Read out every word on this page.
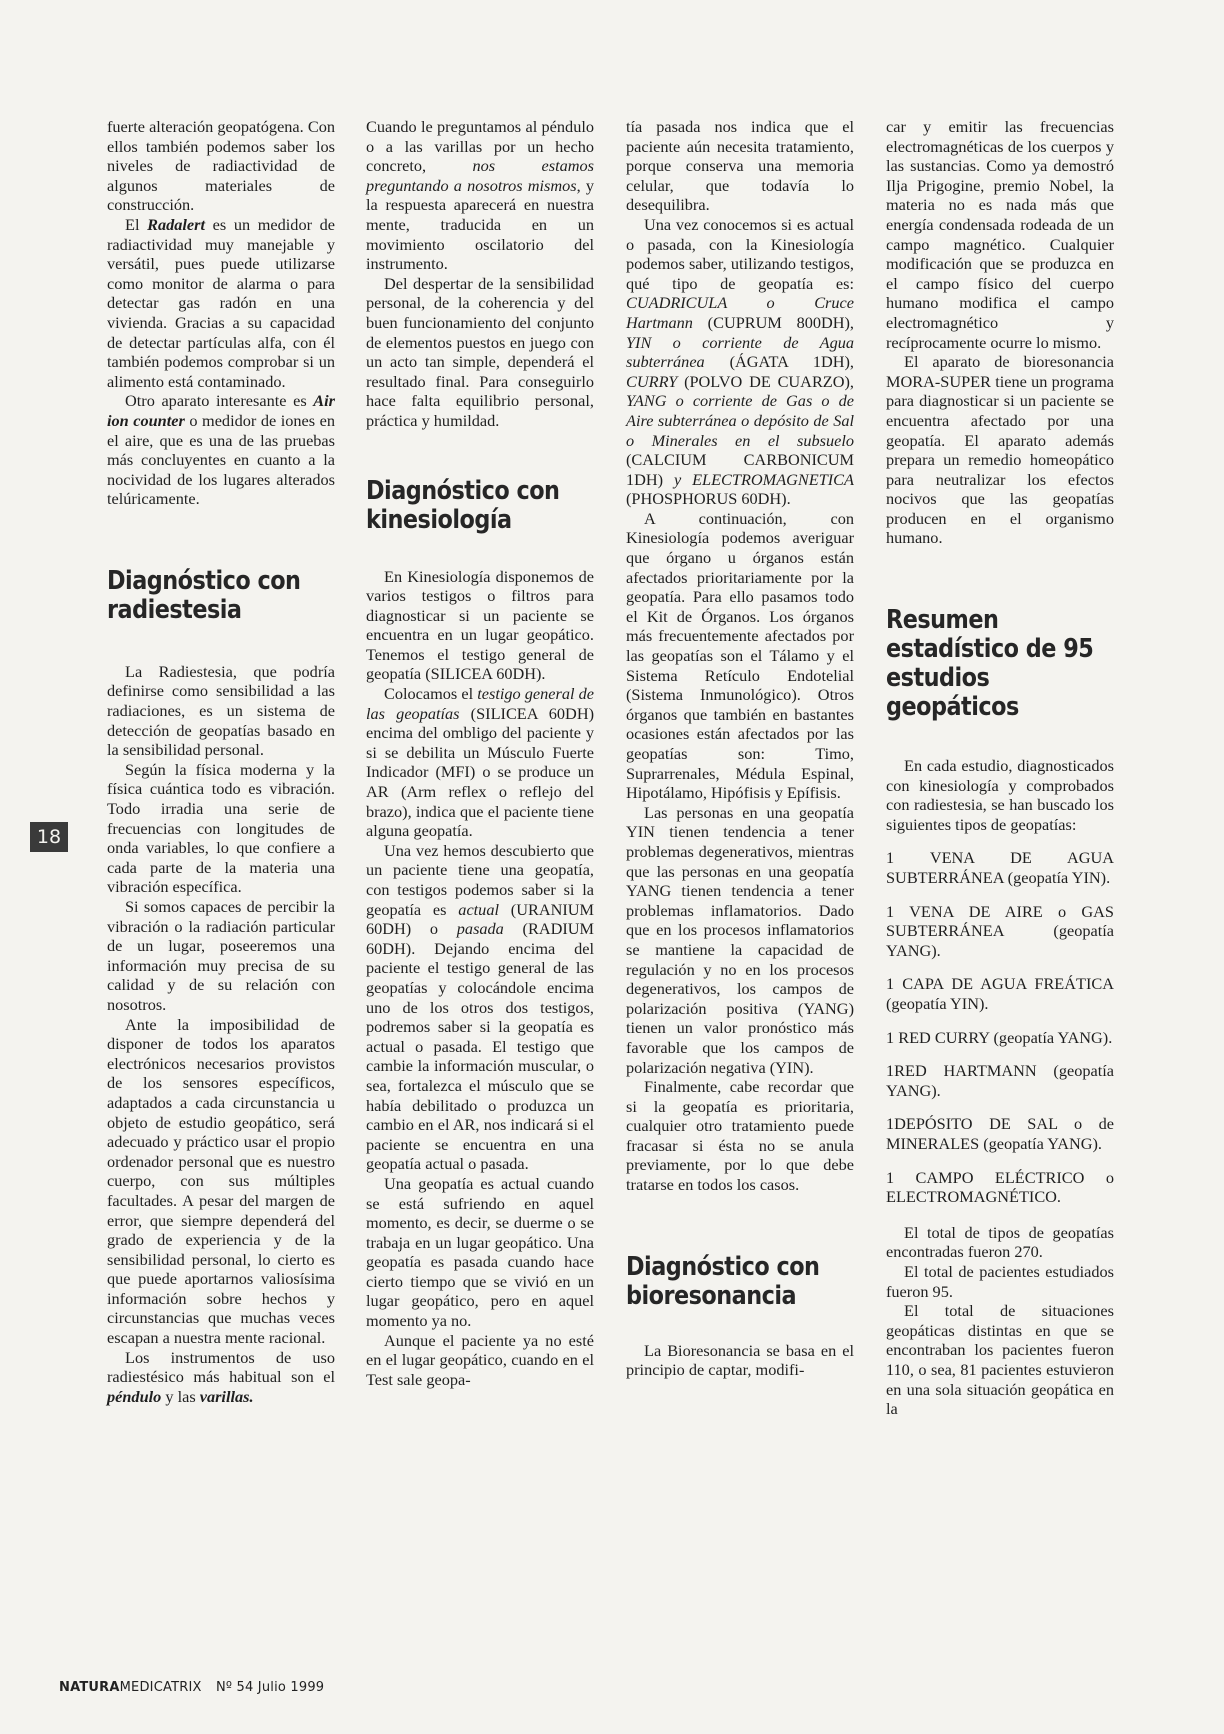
18

fuerte alteración geopatógena. Con ellos también podemos saber los niveles de radiactividad de algunos materiales de construcción.

El Radalert es un medidor de radiactividad muy manejable y versátil, pues puede utilizarse como monitor de alarma o para detectar gas radón en una vivienda. Gracias a su capacidad de detectar partículas alfa, con él también podemos comprobar si un alimento está contaminado.

Otro aparato interesante es Air ion counter o medidor de iones en el aire, que es una de las pruebas más concluyentes en cuanto a la nocividad de los lugares alterados telúricamente.

Diagnóstico con radiestesia

La Radiestesia, que podría definirse como sensibilidad a las radiaciones, es un sistema de detección de geopatías basado en la sensibilidad personal.

Según la física moderna y la física cuántica todo es vibración. Todo irradia una serie de frecuencias con longitudes de onda variables, lo que confiere a cada parte de la materia una vibración específica.

Si somos capaces de percibir la vibración o la radiación particular de un lugar, poseeremos una información muy precisa de su calidad y de su relación con nosotros.

Ante la imposibilidad de disponer de todos los aparatos electrónicos necesarios provistos de los sensores específicos, adaptados a cada circunstancia u objeto de estudio geopático, será adecuado y práctico usar el propio ordenador personal que es nuestro cuerpo, con sus múltiples facultades. A pesar del margen de error, que siempre dependerá del grado de experiencia y de la sensibilidad personal, lo cierto es que puede aportarnos valiosísima información sobre hechos y circunstancias que muchas veces escapan a nuestra mente racional.

Los instrumentos de uso radiestésico más habitual son el péndulo y las varillas.

Cuando le preguntamos al péndulo o a las varillas por un hecho concreto, nos estamos preguntando a nosotros mismos, y la respuesta aparecerá en nuestra mente, traducida en un movimiento oscilatorio del instrumento.

Del despertar de la sensibilidad personal, de la coherencia y del buen funcionamiento del conjunto de elementos puestos en juego con un acto tan simple, dependerá el resultado final. Para conseguirlo hace falta equilibrio personal, práctica y humildad.

Diagnóstico con kinesiología

En Kinesiología disponemos de varios testigos o filtros para diagnosticar si un paciente se encuentra en un lugar geopático. Tenemos el testigo general de geopatía (SILICEA 60DH).

Colocamos el testigo general de las geopatías (SILICEA 60DH) encima del ombligo del paciente y si se debilita un Músculo Fuerte Indicador (MFI) o se produce un AR (Arm reflex o reflejo del brazo), indica que el paciente tiene alguna geopatía.

Una vez hemos descubierto que un paciente tiene una geopatía, con testigos podemos saber si la geopatía es actual (URANIUM 60DH) o pasada (RADIUM 60DH). Dejando encima del paciente el testigo general de las geopatías y colocándole encima uno de los otros dos testigos, podremos saber si la geopatía es actual o pasada. El testigo que cambie la información muscular, o sea, fortalezca el músculo que se había debilitado o produzca un cambio en el AR, nos indicará si el paciente se encuentra en una geopatía actual o pasada.

Una geopatía es actual cuando se está sufriendo en aquel momento, es decir, se duerme o se trabaja en un lugar geopático. Una geopatía es pasada cuando hace cierto tiempo que se vivió en un lugar geopático, pero en aquel momento ya no.

Aunque el paciente ya no esté en el lugar geopático, cuando en el Test sale geopa-

tía pasada nos indica que el paciente aún necesita tratamiento, porque conserva una memoria celular, que todavía lo desequilibra.

Una vez conocemos si es actual o pasada, con la Kinesiología podemos saber, utilizando testigos, qué tipo de geopatía es: CUADRICULA o Cruce Hartmann (CUPRUM 800DH), YIN o corriente de Agua subterránea (ÁGATA 1DH), CURRY (POLVO DE CUARZO), YANG o corriente de Gas o de Aire subterránea o depósito de Sal o Minerales en el subsuelo (CALCIUM CARBONICUM 1DH) y ELECTROMAGNETICA (PHOSPHORUS 60DH).

A continuación, con Kinesiología podemos averiguar que órgano u órganos están afectados prioritariamente por la geopatía. Para ello pasamos todo el Kit de Órganos. Los órganos más frecuentemente afectados por las geopatías son el Tálamo y el Sistema Retículo Endotelial (Sistema Inmunológico). Otros órganos que también en bastantes ocasiones están afectados por las geopatías son: Timo, Suprarrenales, Médula Espinal, Hipotálamo, Hipófisis y Epífisis.

Las personas en una geopatía YIN tienen tendencia a tener problemas degenerativos, mientras que las personas en una geopatía YANG tienen tendencia a tener problemas inflamatorios. Dado que en los procesos inflamatorios se mantiene la capacidad de regulación y no en los procesos degenerativos, los campos de polarización positiva (YANG) tienen un valor pronóstico más favorable que los campos de polarización negativa (YIN).

Finalmente, cabe recordar que si la geopatía es prioritaria, cualquier otro tratamiento puede fracasar si ésta no se anula previamente, por lo que debe tratarse en todos los casos.

Diagnóstico con bioresonancia

La Bioresonancia se basa en el principio de captar, modifi-

car y emitir las frecuencias electromagnéticas de los cuerpos y las sustancias. Como ya demostró Ilja Prigogine, premio Nobel, la materia no es nada más que energía condensada rodeada de un campo magnético. Cualquier modificación que se produzca en el campo físico del cuerpo humano modifica el campo electromagnético y recíprocamente ocurre lo mismo.

El aparato de bioresonancia MORA-SUPER tiene un programa para diagnosticar si un paciente se encuentra afectado por una geopatía. El aparato además prepara un remedio homeopático para neutralizar los efectos nocivos que las geopatías producen en el organismo humano.

Resumen estadístico de 95 estudios geopáticos

En cada estudio, diagnosticados con kinesiología y comprobados con radiestesia, se han buscado los siguientes tipos de geopatías:

1 VENA DE AGUA SUBTERRÁNEA (geopatía YIN).

1 VENA DE AIRE o GAS SUBTERRÁNEA (geopatía YANG).

1 CAPA DE AGUA FREÁTICA (geopatía YIN).

1 RED CURRY (geopatía YANG).

1RED HARTMANN (geopatía YANG).

1DEPÓSITO DE SAL o de MINERALES (geopatía YANG).

1 CAMPO ELÉCTRICO o ELECTROMAGNÉTICO.

El total de tipos de geopatías encontradas fueron 270.

El total de pacientes estudiados fueron 95.

El total de situaciones geopáticas distintas en que se encontraban los pacientes fueron 110, o sea, 81 pacientes estuvieron en una sola situación geopática en la

NATURAMEDICATRIX Nº 54 Julio 1999
